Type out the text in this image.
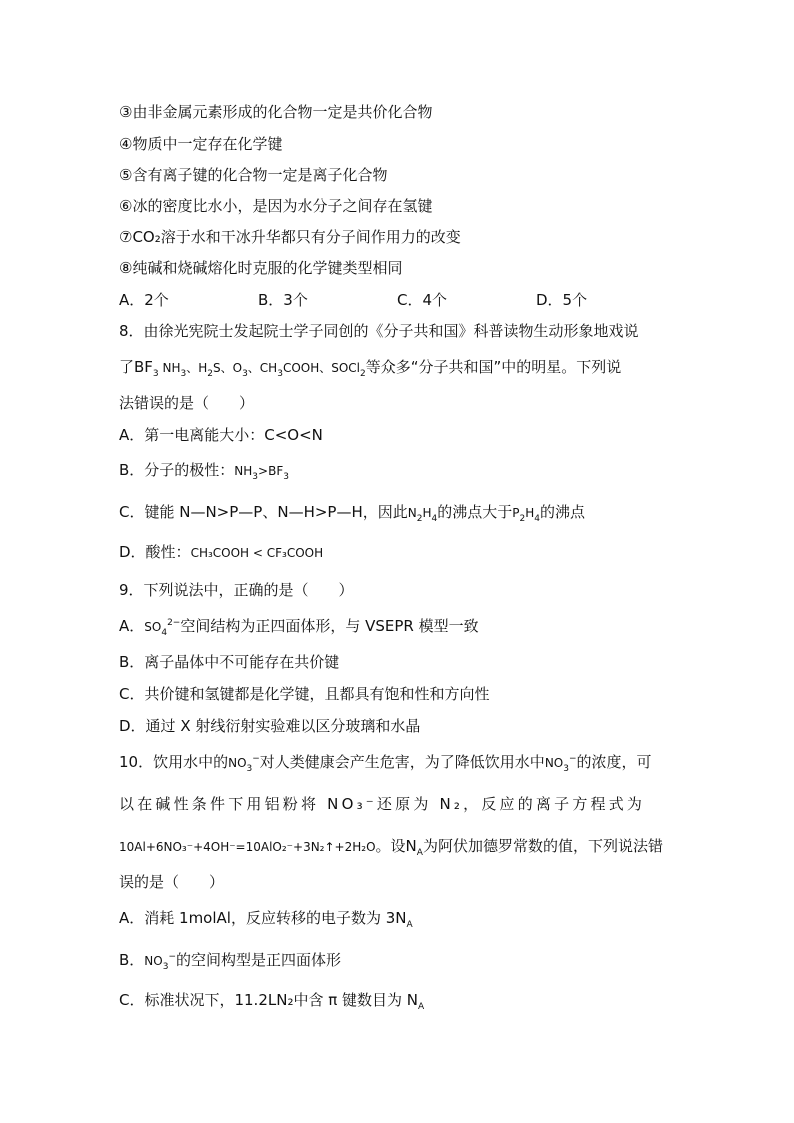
③由非金属元素形成的化合物一定是共价化合物
④物质中一定存在化学键
⑤含有离子键的化合物一定是离子化合物
⑥冰的密度比水小，是因为水分子之间存在氢键
⑦CO₂溶于水和干冰升华都只有分子间作用力的改变
⑧纯碱和烧碱熔化时克服的化学键类型相同
A．2个	B．3个	C．4个	D．5个
8．由徐光宪院士发起院士学子同创的《分子共和国》科普读物生动形象地戏说
了$BF_3$ $NH_3$、$H_2S$、$O_3$、$CH_3COOH$、SOCl$_2$等众多“分子共和国”中的明星。下列说
法错误的是（　　）
A．第一电离能大小：C<O<N
B．分子的极性：$NH_3>BF_3$
C．键能 N—N>P—P、N—H>P—H，因此$N_2H_4$的沸点大于$P_2H_4$的沸点
D．酸性：CH₃COOH < CF₃COOH
9．下列说法中，正确的是（　　）
A．$SO_4^{2-}$空间结构为正四面体形，与 VSEPR 模型一致
B．离子晶体中不可能存在共价键
C．共价键和氢键都是化学键，且都具有饱和性和方向性
D．通过 X 射线衍射实验难以区分玻璃和水晶
10．饮用水中的$NO_3^-$对人类健康会产生危害，为了降低饮用水中$NO_3^-$的浓度，可
以在碱性条件下用铝粉将 NO₃⁻还原为 N₂，反应的离子方程式为
10Al+6NO₃⁻+4OH⁻=10AlO₂⁻+3N₂↑+2H₂O。设$N_A$为阿伏加德罗常数的值，下列说法错
误的是（　　）
A．消耗 1molAl，反应转移的电子数为 $3N_A$
B．$NO_3^-$的空间构型是正四面体形
C．标准状况下，11.2LN₂中含 π 键数目为 $N_A$
